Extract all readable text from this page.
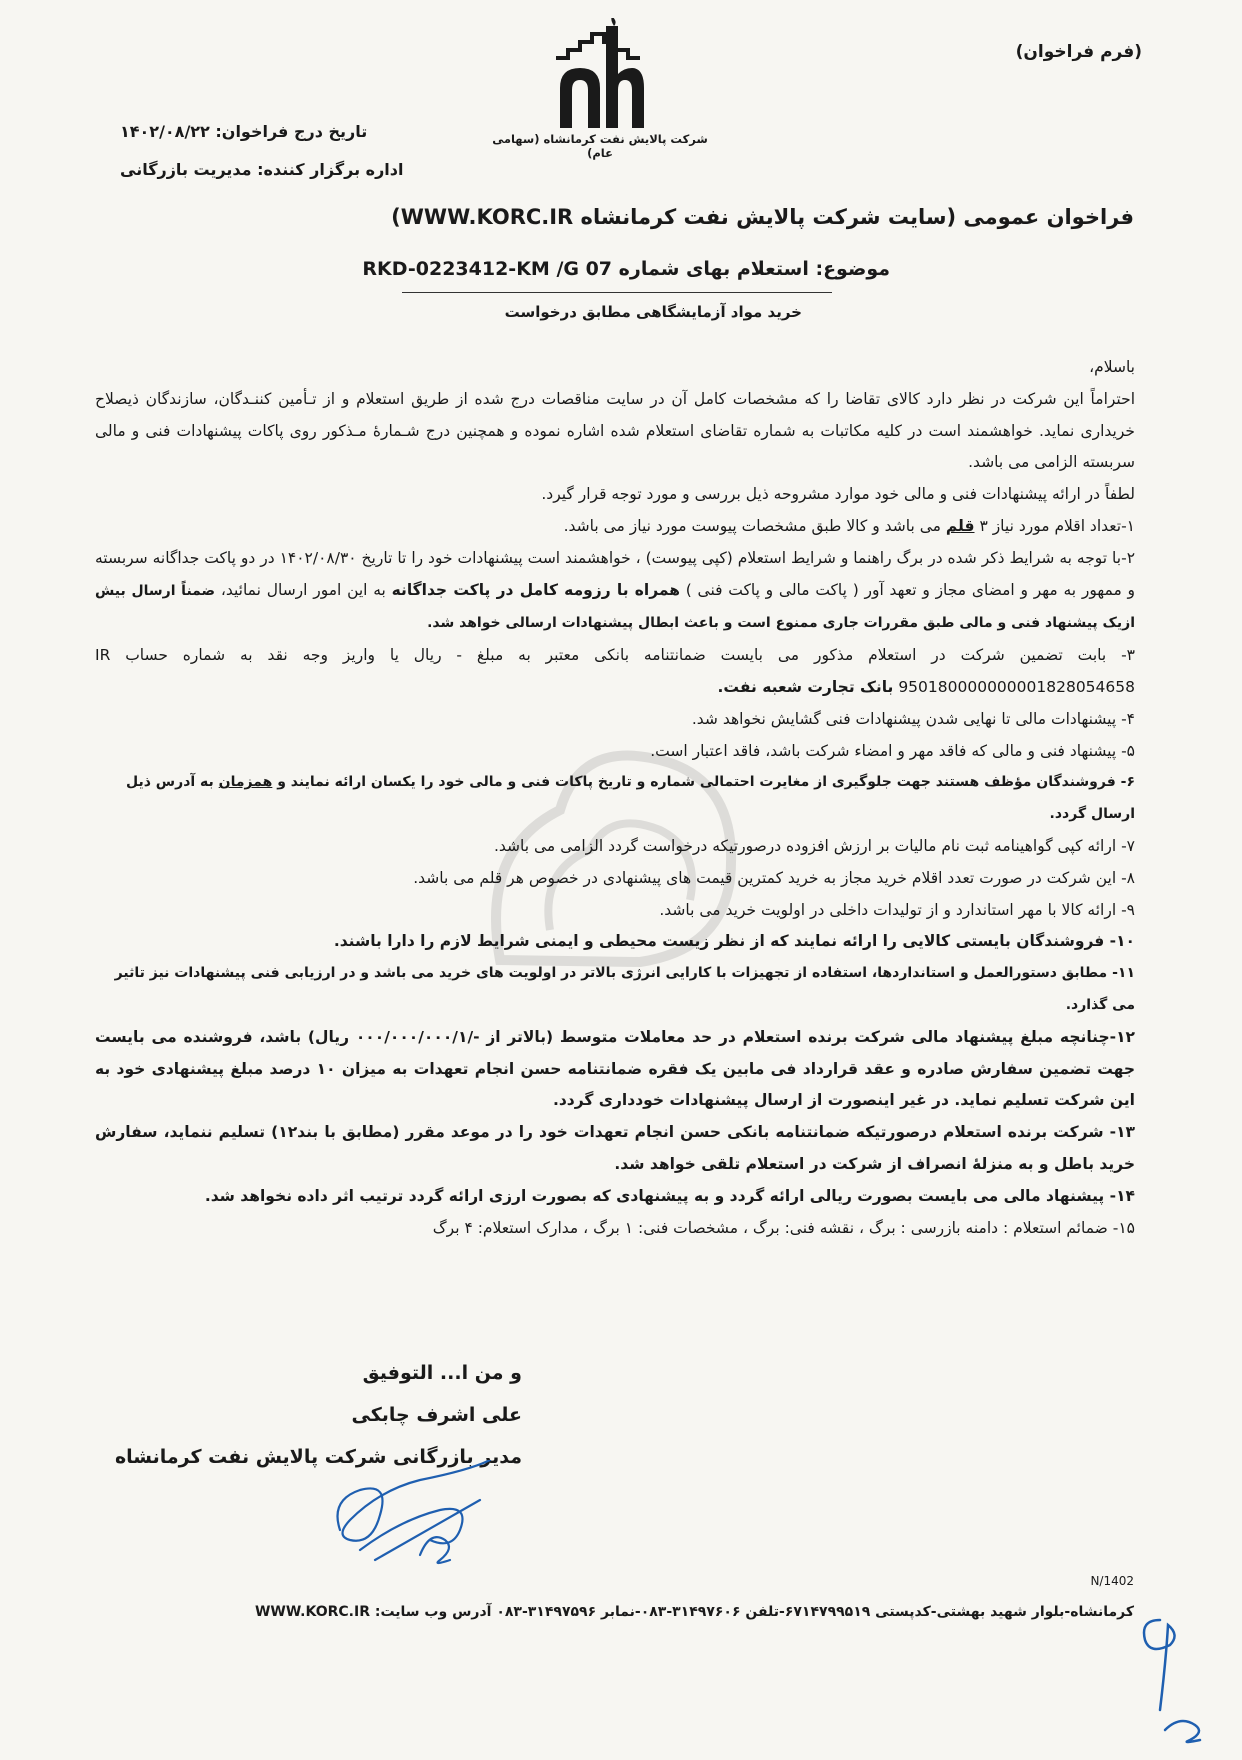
(فرم فراخوان)
شرکت پالایش نفت کرمانشاه (سهامی عام)
تاریخ درج فراخوان: ۱۴۰۲/۰۸/۲۲
اداره برگزار کننده: مدیریت بازرگانی
فراخوان عمومی (سایت شرکت پالایش نفت کرمانشاه WWW.KORC.IR)
موضوع: استعلام بهای شماره RKD-0223412-KM /G 07
خرید مواد آزمایشگاهی مطابق درخواست

باسلام،

احتراماً این شرکت در نظر دارد کالای تقاضا را که مشخصات کامل آن در سایت مناقصات درج شده از طریق استعلام و از تـأمین کننـدگان، سازندگان ذیصلاح خریداری نماید. خواهشمند است در کلیه مکاتبات به شماره تقاضای استعلام شده اشاره نموده و همچنین درج شـمارۀ مـذکور روی پاکات پیشنهادات فنی و مالی سربسته الزامی می باشد.

لطفاً در ارائه پیشنهادات فنی و مالی خود موارد مشروحه ذیل بررسی و مورد توجه قرار گیرد.

۱-تعداد اقلام مورد نیاز ۳ قلم می باشد و کالا طبق مشخصات پیوست مورد نیاز می باشد.

۲-با توجه به شرایط ذکر شده در برگ راهنما و شرایط استعلام (کپی پیوست) ، خواهشمند است پیشنهادات خود را تا تاریخ ۱۴۰۲/۰۸/۳۰ در دو پاکت جداگانه سربسته و ممهور به مهر و امضای مجاز و تعهد آور ( پاکت مالی و پاکت فنی ) همراه با رزومه کامل در پاکت جداگانه به این امور ارسال نمائید، ضمناً ارسال بیش ازیک پیشنهاد فنی و مالی طبق مقررات جاری ممنوع است و باعث ابطال پیشنهادات ارسالی خواهد شد.

۳- بابت تضمین شرکت در استعلام مذکور می بایست ضمانتنامه بانکی معتبر به مبلغ - ریال یا واریز وجه نقد به شماره حساب IR 950180000000001828054658 بانک تجارت شعبه نفت.

۴- پیشنهادات مالی تا نهایی شدن پیشنهادات فنی گشایش نخواهد شد.

۵- پیشنهاد فنی و مالی که فاقد مهر و امضاء شرکت باشد، فاقد اعتبار است.

۶- فروشندگان مؤظف هستند جهت جلوگیری از مغایرت احتمالی شماره و تاریخ پاکات فنی و مالی خود را یکسان ارائه نمایند و همزمان به آدرس ذیل ارسال گردد.

۷- ارائه کپی گواهینامه ثبت نام مالیات بر ارزش افزوده درصورتیکه درخواست گردد الزامی می باشد.

۸- این شرکت در صورت تعدد اقلام خرید مجاز به خرید کمترین قیمت های پیشنهادی در خصوص هر قلم می باشد.

۹- ارائه کالا با مهر استاندارد و از تولیدات داخلی در اولویت خرید می باشد.

۱۰- فروشندگان بایستی کالایی را ارائه نمایند که از نظر زیست محیطی و ایمنی شرایط لازم را دارا باشند.

۱۱- مطابق دستورالعمل و استانداردها، استفاده از تجهیزات با کارایی انرژی بالاتر در اولویت های خرید می باشد و در ارزیابی فنی پیشنهادات نیز تاثیر می گذارد.

۱۲-چنانچه مبلغ پیشنهاد مالی شرکت برنده استعلام در حد معاملات متوسط (بالاتر از -/۰۰۰/۰۰۰/۰۰۰/۱ ریال) باشد، فروشنده می بایست جهت تضمین سفارش صادره و عقد قرارداد فی مابین یک فقره ضمانتنامه حسن انجام تعهدات به میزان ۱۰ درصد مبلغ پیشنهادی خود به این شرکت تسلیم نماید. در غیر اینصورت از ارسال پیشنهادات خودداری گردد.

۱۳- شرکت برنده استعلام درصورتیکه ضمانتنامه بانکی حسن انجام تعهدات خود را در موعد مقرر (مطابق با بند۱۲) تسلیم ننماید، سفارش خرید باطل و به منزلۀ انصراف از شرکت در استعلام تلقی خواهد شد.

۱۴- پیشنهاد مالی می بایست بصورت ریالی ارائه گردد و به پیشنهادی که بصورت ارزی ارائه گردد ترتیب اثر داده نخواهد شد.

۱۵- ضمائم استعلام : دامنه بازرسی : برگ ، نقشه فنی: برگ ، مشخصات فنی: ۱ برگ ، مدارک استعلام: ۴ برگ

و من ا... التوفیق
علی اشرف چابکی
مدیر بازرگانی شرکت پالایش نفت کرمانشاه
N/1402
کرمانشاه-بلوار شهید بهشتی-کدپستی ۶۷۱۴۷۹۹۵۱۹-تلفن ۳۱۴۹۷۶۰۶-۰۸۳-نمابر ۳۱۴۹۷۵۹۶-۰۸۳ آدرس وب سایت: WWW.KORC.IR
